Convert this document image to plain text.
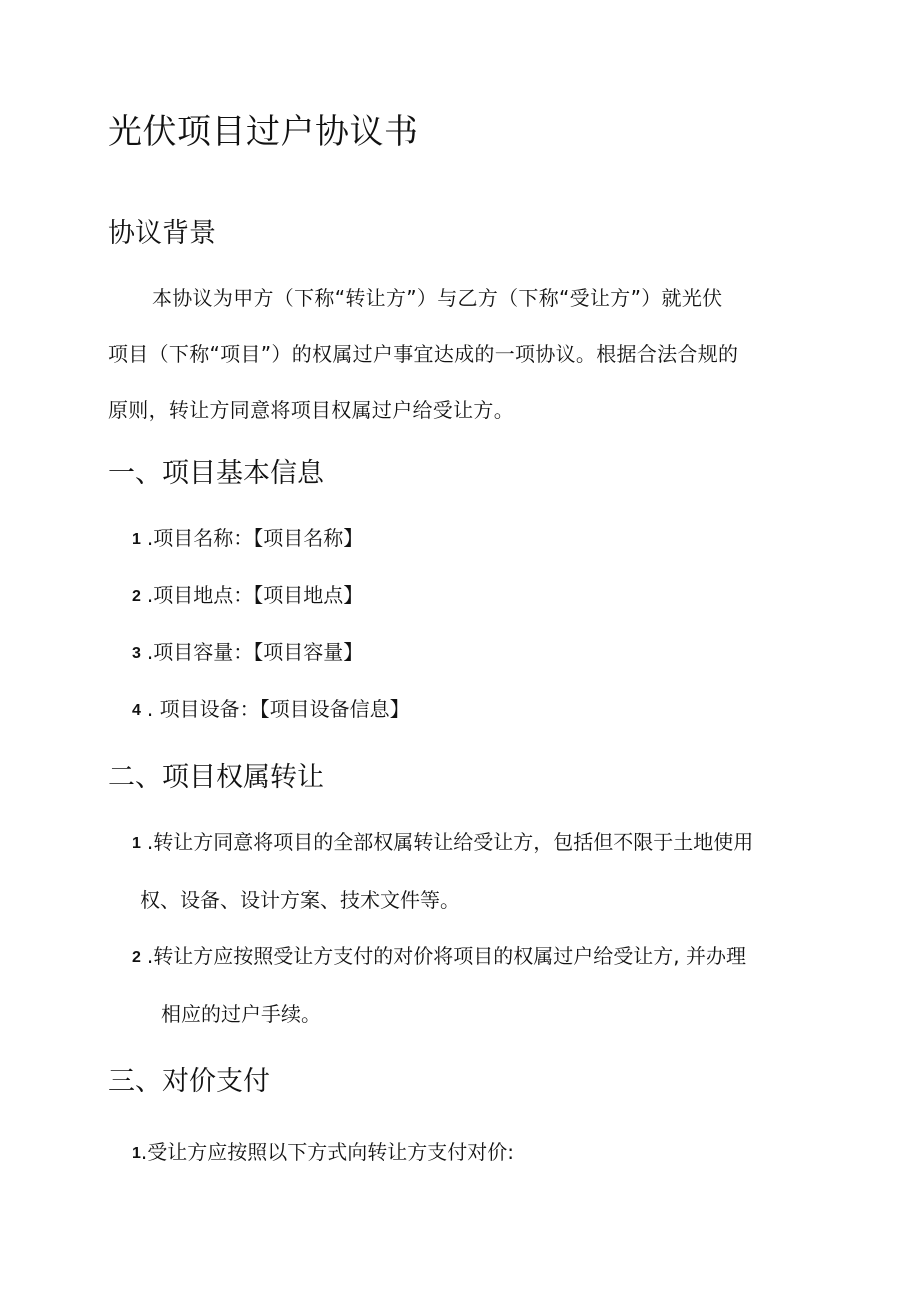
光伏项目过户协议书
协议背景
本协议为甲方（下称“转让方”）与乙方（下称“受让方”）就光伏
项目（下称“项目”）的权属过户事宜达成的一项协议。根据合法合规的
原则，转让方同意将项目权属过户给受让方。
一、项目基本信息
1 .项目名称：【项目名称】
2 .项目地点：【项目地点】
3 .项目容量：【项目容量】
4 . 项目设备：【项目设备信息】
二、项目权属转让
1 .转让方同意将项目的全部权属转让给受让方，包括但不限于土地使用
权、设备、设计方案、技术文件等。
2 .转让方应按照受让方支付的对价将项目的权属过户给受让方, 并办理
相应的过户手续。
三、对价支付
1.受让方应按照以下方式向转让方支付对价:
